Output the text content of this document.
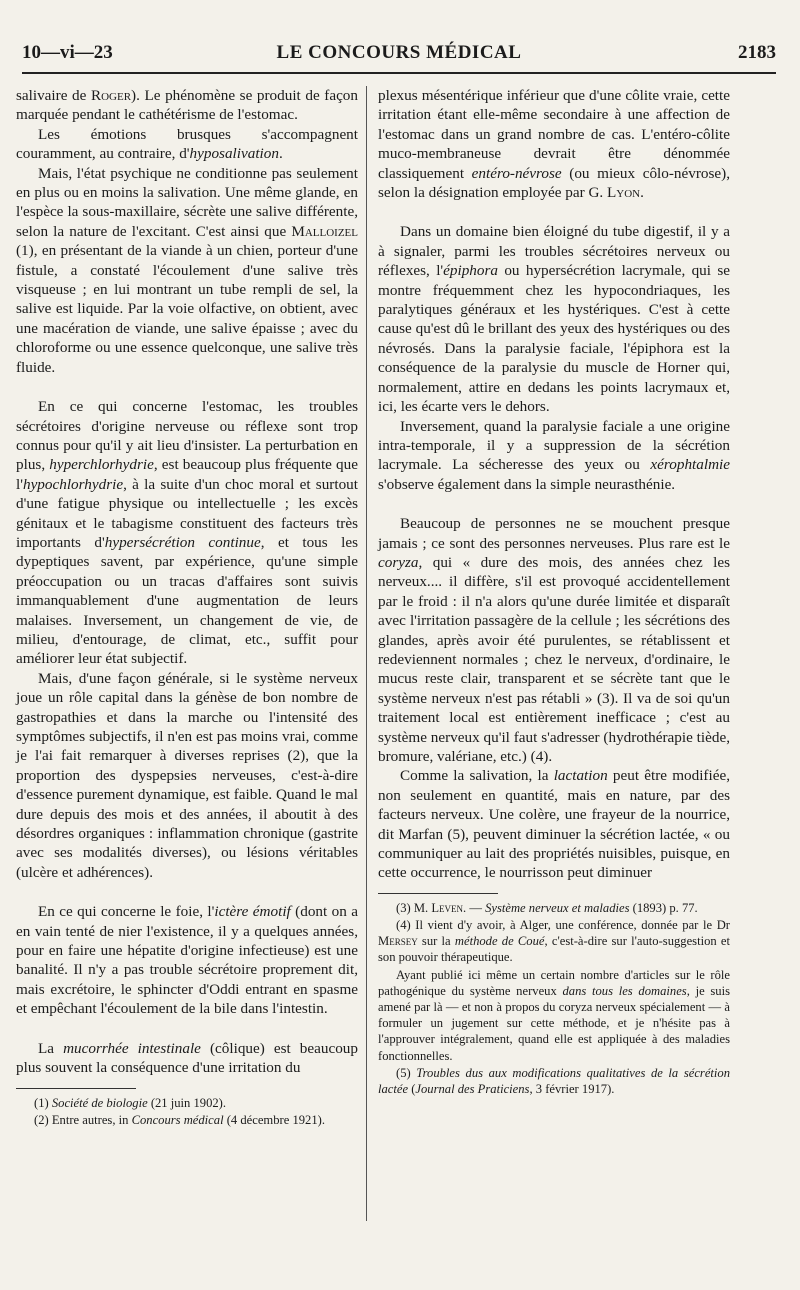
10—vi—23	LE CONCOURS MÉDICAL	2183

salivaire de Roger). Le phénomène se produit de façon marquée pendant le cathétérisme de l'estomac.

Les émotions brusques s'accompagnent couramment, au contraire, d'hyposalivation.

Mais, l'état psychique ne conditionne pas seulement en plus ou en moins la salivation. Une même glande, en l'espèce la sous-maxillaire, sécrète une salive différente, selon la nature de l'excitant. C'est ainsi que Malloizel (1), en présentant de la viande à un chien, porteur d'une fistule, a constaté l'écoulement d'une salive très visqueuse ; en lui montrant un tube rempli de sel, la salive est liquide. Par la voie olfactive, on obtient, avec une macération de viande, une salive épaisse ; avec du chloroforme ou une essence quelconque, une salive très fluide.

En ce qui concerne l'estomac, les troubles sécrétoires d'origine nerveuse ou réflexe sont trop connus pour qu'il y ait lieu d'insister. La perturbation en plus, hyperchlorhydrie, est beaucoup plus fréquente que l'hypochlorhydrie, à la suite d'un choc moral et surtout d'une fatigue physique ou intellectuelle ; les excès génitaux et le tabagisme constituent des facteurs très importants d'hypersécrétion continue, et tous les dypeptiques savent, par expérience, qu'une simple préoccupation ou un tracas d'affaires sont suivis immanquablement d'une augmentation de leurs malaises. Inversement, un changement de vie, de milieu, d'entourage, de climat, etc., suffit pour améliorer leur état subjectif.

Mais, d'une façon générale, si le système nerveux joue un rôle capital dans la génèse de bon nombre de gastropathies et dans la marche ou l'intensité des symptômes subjectifs, il n'en est pas moins vrai, comme je l'ai fait remarquer à diverses reprises (2), que la proportion des dyspepsies nerveuses, c'est-à-dire d'essence purement dynamique, est faible. Quand le mal dure depuis des mois et des années, il aboutit à des désordres organiques : inflammation chronique (gastrite avec ses modalités diverses), ou lésions véritables (ulcère et adhérences).

En ce qui concerne le foie, l'ictère émotif (dont on a en vain tenté de nier l'existence, il y a quelques années, pour en faire une hépatite d'origine infectieuse) est une banalité. Il n'y a pas trouble sécrétoire proprement dit, mais excrétoire, le sphincter d'Oddi entrant en spasme et empêchant l'écoulement de la bile dans l'intestin.

La mucorrhée intestinale (côlique) est beaucoup plus souvent la conséquence d'une irritation du

(1) Société de biologie (21 juin 1902).

(2) Entre autres, in Concours médical (4 décembre 1921).

plexus mésentérique inférieur que d'une côlite vraie, cette irritation étant elle-même secondaire à une affection de l'estomac dans un grand nombre de cas. L'entéro-côlite muco-membraneuse devrait être dénommée classiquement entéro-névrose (ou mieux côlo-névrose), selon la désignation employée par G. Lyon.

Dans un domaine bien éloigné du tube digestif, il y a à signaler, parmi les troubles sécrétoires nerveux ou réflexes, l'épiphora ou hypersécrétion lacrymale, qui se montre fréquemment chez les hypocondriaques, les paralytiques généraux et les hystériques. C'est à cette cause qu'est dû le brillant des yeux des hystériques ou des névrosés. Dans la paralysie faciale, l'épiphora est la conséquence de la paralysie du muscle de Horner qui, normalement, attire en dedans les points lacrymaux et, ici, les écarte vers le dehors.

Inversement, quand la paralysie faciale a une origine intra-temporale, il y a suppression de la sécrétion lacrymale. La sécheresse des yeux ou xérophtalmie s'observe également dans la simple neurasthénie.

Beaucoup de personnes ne se mouchent presque jamais ; ce sont des personnes nerveuses. Plus rare est le coryza, qui « dure des mois, des années chez les nerveux.... il diffère, s'il est provoqué accidentellement par le froid : il n'a alors qu'une durée limitée et disparaît avec l'irritation passagère de la cellule ; les sécrétions des glandes, après avoir été purulentes, se rétablissent et redeviennent normales ; chez le nerveux, d'ordinaire, le mucus reste clair, transparent et se sécrète tant que le système nerveux n'est pas rétabli » (3). Il va de soi qu'un traitement local est entièrement inefficace ; c'est au système nerveux qu'il faut s'adresser (hydrothérapie tiède, bromure, valériane, etc.) (4).

Comme la salivation, la lactation peut être modifiée, non seulement en quantité, mais en nature, par des facteurs nerveux. Une colère, une frayeur de la nourrice, dit Marfan (5), peuvent diminuer la sécrétion lactée, « ou communiquer au lait des propriétés nuisibles, puisque, en cette occurrence, le nourrisson peut diminuer

(3) M. Leven. — Système nerveux et maladies (1893) p. 77.

(4) Il vient d'y avoir, à Alger, une conférence, donnée par le Dr Mersey sur la méthode de Coué, c'est-à-dire sur l'auto-suggestion et son pouvoir thérapeutique.

Ayant publié ici même un certain nombre d'articles sur le rôle pathogénique du système nerveux dans tous les domaines, je suis amené par là — et non à propos du coryza nerveux spécialement — à formuler un jugement sur cette méthode, et je n'hésite pas à l'approuver intégralement, quand elle est appliquée à des maladies fonctionnelles.

(5) Troubles dus aux modifications qualitatives de la sécrétion lactée (Journal des Praticiens, 3 février 1917).
